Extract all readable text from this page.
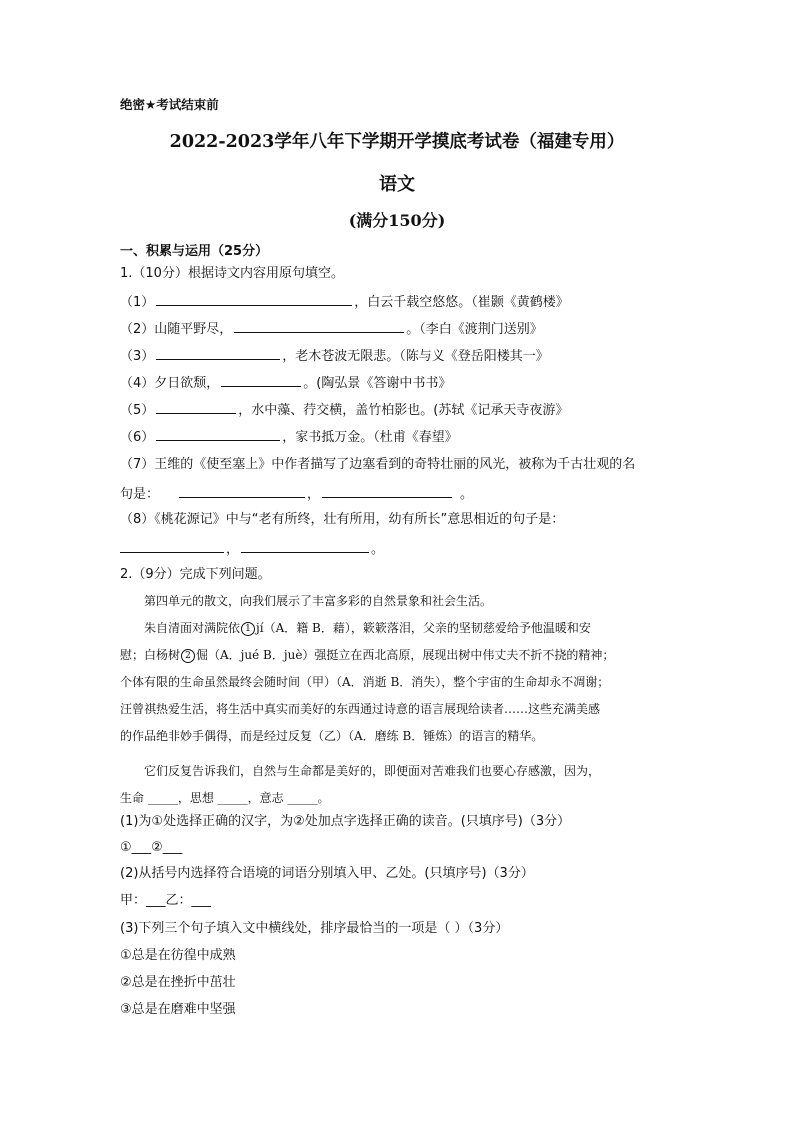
绝密★考试结束前
2022-2023学年八年下学期开学摸底考试卷（福建专用）
语文
(满分150分)
一、积累与运用（25分）
1.（10分）根据诗文内容用原句填空。
（1）	，白云千载空悠悠。（崔颢《黄鹤楼》
（2）山随平野尽，	。（李白《渡荆门送别》
（3）	，老木苍波无限悲。（陈与义《登岳阳楼其一》
（4）夕日欲颓，	。(陶弘景《答谢中书书》
（5）	，水中藻、荇交横，盖竹柏影也。(苏轼《记承天寺夜游》
（6）	，家书抵万金。（杜甫《春望》
（7）王维的《使至塞上》中作者描写了边塞看到的奇特壮丽的风光，被称为千古壮观的名
句是：	，	。
（8）《桃花源记》中与“老有所终，壮有所用，幼有所长”意思相近的句子是：
，	。
2.（9分）完成下列问题。
第四单元的散文，向我们展示了丰富多彩的自然景象和社会生活。
朱自清面对满院依 1 jí（A．籍 B．藉），簌簌落泪，父亲的坚韧慈爱给予他温暖和安
慰；白杨树 2 倔（A．jué B．juè）强挺立在西北高原，展现出树中伟丈夫不折不挠的精神；
个体有限的生命虽然最终会随时间（甲）（A．消逝 B．消失），整个宇宙的生命却永不凋谢；
汪曾祺热爱生活，将生活中真实而美好的东西通过诗意的语言展现给读者……这些充满美感
的作品绝非妙手偶得，而是经过反复（乙）（A．磨练 B．锤炼）的语言的精华。
它们反复告诉我们，自然与生命都是美好的，即便面对苦难我们也要心存感激，因为，
生命 _____，思想 _____，意志 _____。
(1)为①处选择正确的汉字，为②处加点字选择正确的读音。(只填序号)（3分）
①___②___
(2)从括号内选择符合语境的词语分别填入甲、乙处。(只填序号)（3分）
甲：___乙：___
(3)下列三个句子填入文中横线处，排序最恰当的一项是（ ）（3分）
①总是在彷徨中成熟
②总是在挫折中茁壮
③总是在磨难中坚强
